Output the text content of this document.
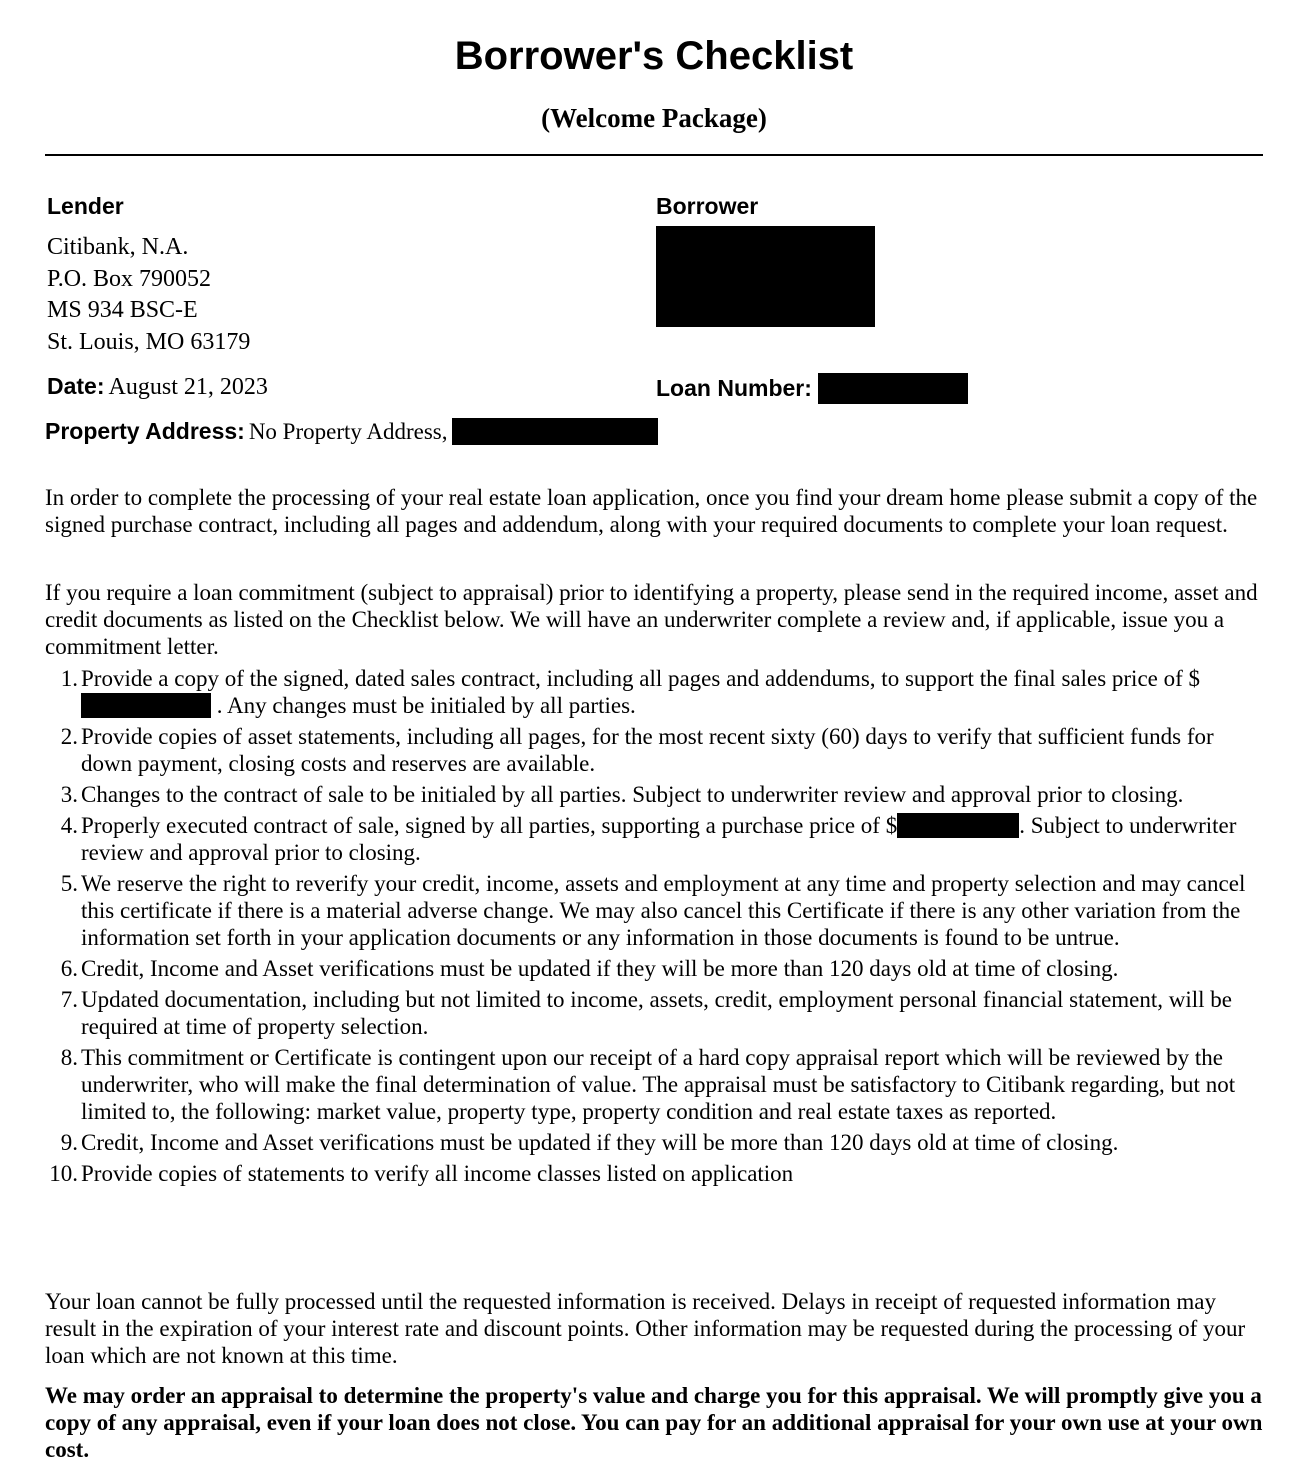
Borrower's Checklist
(Welcome Package)
Lender
Citibank, N.A.
P.O. Box 790052
MS 934 BSC-E
St. Louis, MO 63179
Borrower
Date: August 21, 2023	Loan Number:
Property Address: No Property Address,

In order to complete the processing of your real estate loan application, once you find your dream home please submit a copy of the signed purchase contract, including all pages and addendum, along with your required documents to complete your loan request.

If you require a loan commitment (subject to appraisal) prior to identifying a property, please send in the required income, asset and credit documents as listed on the Checklist below. We will have an underwriter complete a review and, if applicable, issue you a commitment letter.

1. Provide a copy of the signed, dated sales contract, including all pages and addendums, to support the final sales price of $ . Any changes must be initialed by all parties.
2. Provide copies of asset statements, including all pages, for the most recent sixty (60) days to verify that sufficient funds for down payment, closing costs and reserves are available.
3. Changes to the contract of sale to be initialed by all parties. Subject to underwriter review and approval prior to closing.
4. Properly executed contract of sale, signed by all parties, supporting a purchase price of $	. Subject to underwriter review and approval prior to closing.
5. We reserve the right to reverify your credit, income, assets and employment at any time and property selection and may cancel this certificate if there is a material adverse change. We may also cancel this Certificate if there is any other variation from the information set forth in your application documents or any information in those documents is found to be untrue.
6. Credit, Income and Asset verifications must be updated if they will be more than 120 days old at time of closing.
7. Updated documentation, including but not limited to income, assets, credit, employment personal financial statement, will be required at time of property selection.
8. This commitment or Certificate is contingent upon our receipt of a hard copy appraisal report which will be reviewed by the underwriter, who will make the final determination of value. The appraisal must be satisfactory to Citibank regarding, but not limited to, the following: market value, property type, property condition and real estate taxes as reported.
9. Credit, Income and Asset verifications must be updated if they will be more than 120 days old at time of closing.
10. Provide copies of statements to verify all income classes listed on application

Your loan cannot be fully processed until the requested information is received. Delays in receipt of requested information may result in the expiration of your interest rate and discount points. Other information may be requested during the processing of your loan which are not known at this time.

We may order an appraisal to determine the property's value and charge you for this appraisal. We will promptly give you a copy of any appraisal, even if your loan does not close. You can pay for an additional appraisal for your own use at your own cost.
